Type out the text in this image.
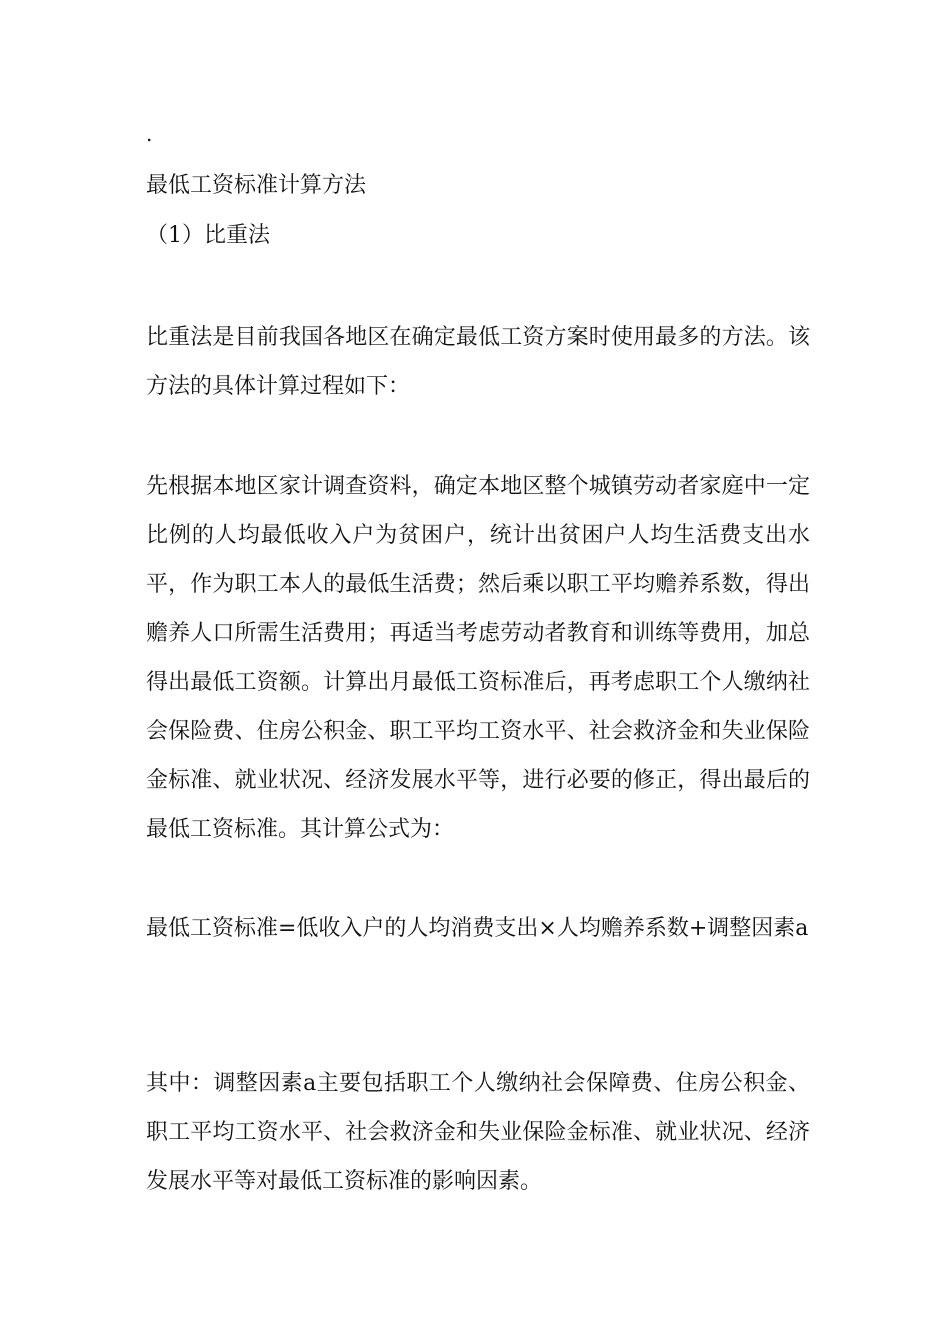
.
最低工资标准计算方法
（1）比重法

比重法是目前我国各地区在确定最低工资方案时使用最多的方法。该方法的具体计算过程如下：

先根据本地区家计调查资料，确定本地区整个城镇劳动者家庭中一定比例的人均最低收入户为贫困户，统计出贫困户人均生活费支出水平，作为职工本人的最低生活费；然后乘以职工平均赡养系数，得出赡养人口所需生活费用；再适当考虑劳动者教育和训练等费用，加总得出最低工资额。计算出月最低工资标准后，再考虑职工个人缴纳社会保险费、住房公积金、职工平均工资水平、社会救济金和失业保险金标准、就业状况、经济发展水平等，进行必要的修正，得出最后的最低工资标准。其计算公式为：

最低工资标准=低收入户的人均消费支出×人均赡养系数+调整因素a

其中：调整因素a主要包括职工个人缴纳社会保障费、住房公积金、职工平均工资水平、社会救济金和失业保险金标准、就业状况、经济发展水平等对最低工资标准的影响因素。
